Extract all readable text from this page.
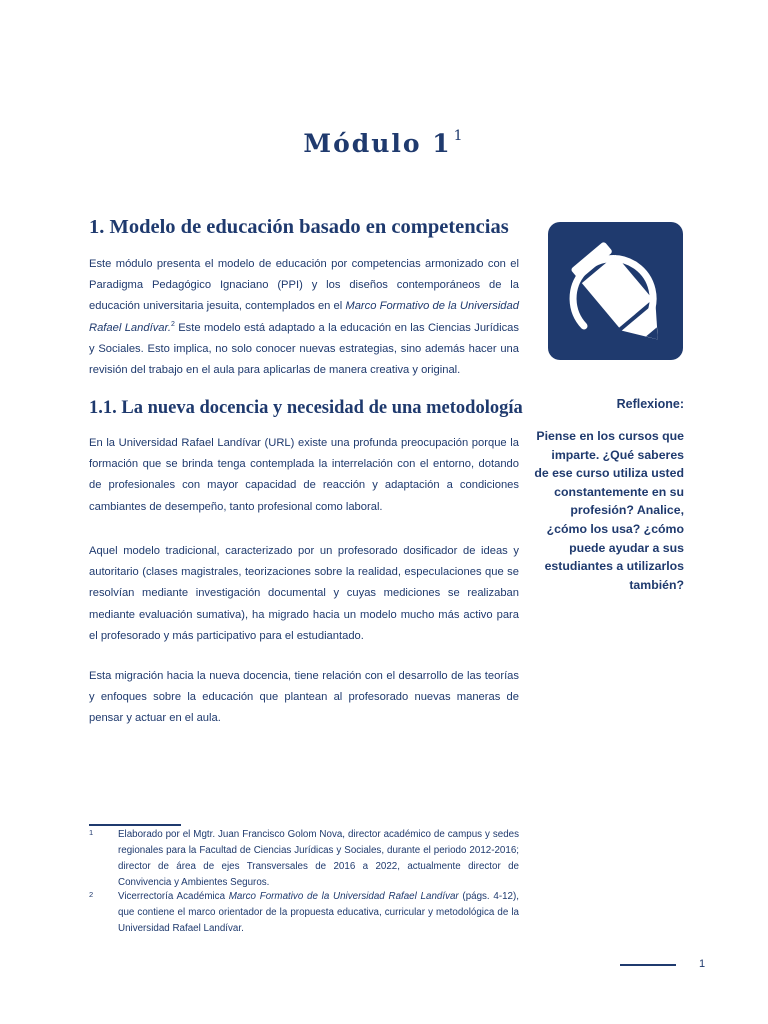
Módulo 1 $^1$
1. Modelo de educación basado en competencias
Este módulo presenta el modelo de educación por competencias armonizado con el Paradigma Pedagógico Ignaciano (PPI) y los diseños contemporáneos de la educación universitaria jesuita, contemplados en el Marco Formativo de la Universidad Rafael Landívar.$^2$ Este modelo está adaptado a la educación en las Ciencias Jurídicas y Sociales. Esto implica, no solo conocer nuevas estrategias, sino además hacer una revisión del trabajo en el aula para aplicarlas de manera creativa y original.
1.1. La nueva docencia y necesidad de una metodología
En la Universidad Rafael Landívar (URL) existe una profunda preocupación porque la formación que se brinda tenga contemplada la interrelación con el entorno, dotando de profesionales con mayor capacidad de reacción y adaptación a condiciones cambiantes de desempeño, tanto profesional como laboral.
Aquel modelo tradicional, caracterizado por un profesorado dosificador de ideas y autoritario (clases magistrales, teorizaciones sobre la realidad, especulaciones que se resolvían mediante investigación documental y cuyas mediciones se realizaban mediante evaluación sumativa), ha migrado hacia un modelo mucho más activo para el profesorado y más participativo para el estudiantado.
Esta migración hacia la nueva docencia, tiene relación con el desarrollo de las teorías y enfoques sobre la educación que plantean al profesorado nuevas maneras de pensar y actuar en el aula.
Reflexione:
Piense en los cursos que imparte. ¿Qué saberes de ese curso utiliza usted constantemente en su profesión? Analice, ¿cómo los usa? ¿cómo puede ayudar a sus estudiantes a utilizarlos también?
1	Elaborado por el Mgtr. Juan Francisco Golom Nova, director académico de campus y sedes regionales para la Facultad de Ciencias Jurídicas y Sociales, durante el periodo 2012-2016; director de área de ejes Transversales de 2016 a 2022, actualmente director de Convivencia y Ambientes Seguros.
2	Vicerrectoría Académica Marco Formativo de la Universidad Rafael Landívar (págs. 4-12), que contiene el marco orientador de la propuesta educativa, curricular y metodológica de la Universidad Rafael Landívar.
1
